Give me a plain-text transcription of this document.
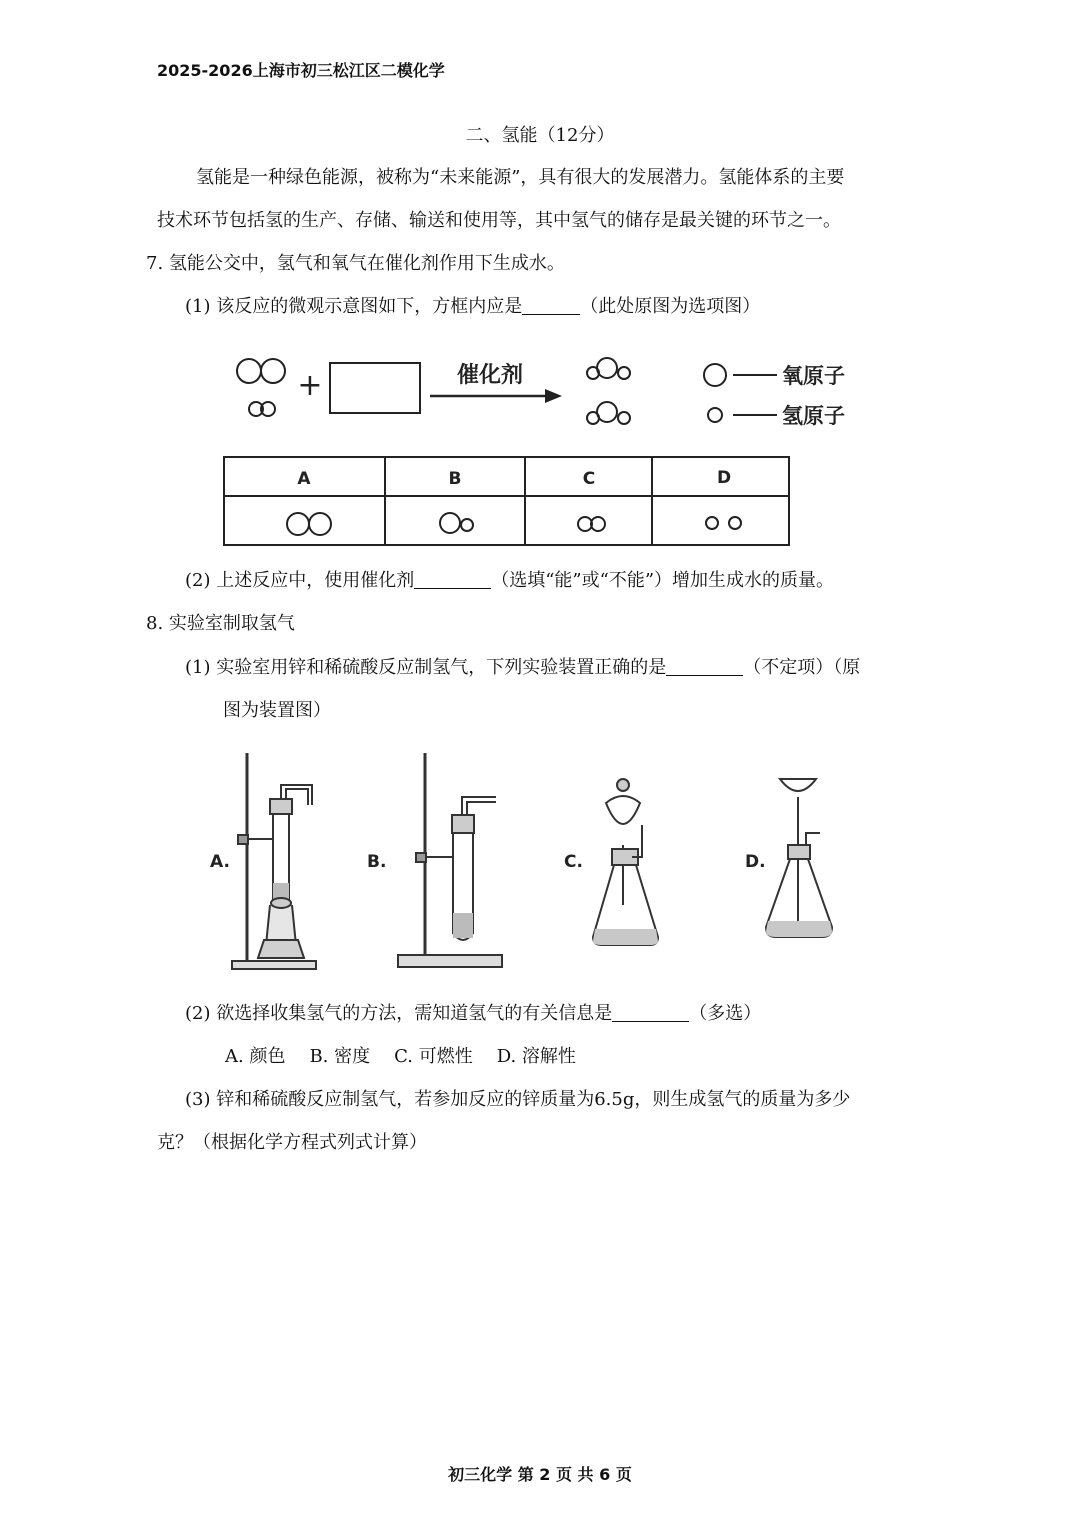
2025-2026上海市初三松江区二模化学
二、氢能（12分）
氢能是一种绿色能源，被称为“未来能源”，具有很大的发展潜力。氢能体系的主要
技术环节包括氢的生产、存储、输送和使用等，其中氢气的储存是最关键的环节之一。
7. 氢能公交中，氢气和氧气在催化剂作用下生成水。
(1) 该反应的微观示意图如下，方框内应是	（此处原图为选项图）
+	催化剂	氧原子
氢原子
A	B	C	D
(2) 上述反应中，使用催化剂	（选填“能”或“不能”）增加生成水的质量。
8. 实验室制取氢气
(1) 实验室用锌和稀硫酸反应制氢气，下列实验装置正确的是	（不定项）（原
图为装置图）
A.	B.	C.	D.
(2) 欲选择收集氢气的方法，需知道氢气的有关信息是	（多选）
A. 颜色 B. 密度 C. 可燃性 D. 溶解性
(3) 锌和稀硫酸反应制氢气，若参加反应的锌质量为6.5g，则生成氢气的质量为多少
克？（根据化学方程式列式计算）
初三化学 第 2 页 共 6 页
